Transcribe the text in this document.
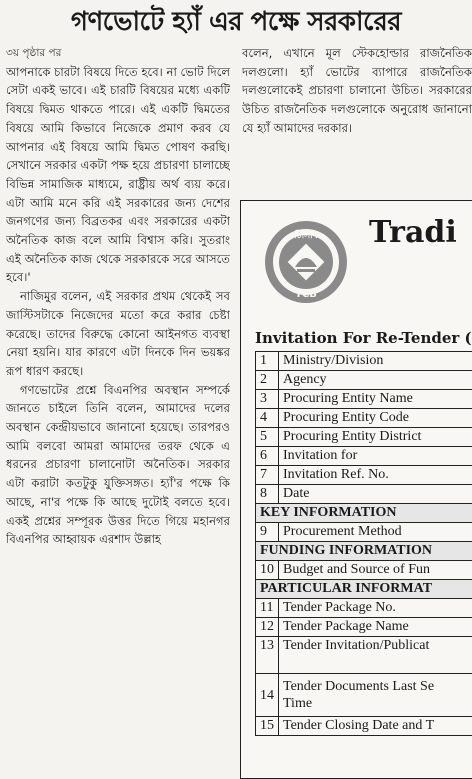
গণভোটে হ্যাঁ এর পক্ষে সরকারের

৩য় পৃষ্ঠার পর

আপনাকে চারটা বিষয়ে দিতে হবে। না ভোট দিলে সেটা একই ভাবে। এই চারটি বিষয়ের মধ্যে একটি বিষয়ে দ্বিমত থাকতে পারে। এই একটি দ্বিমতের বিষয়ে আমি কিভাবে নিজেকে প্রমাণ করব যে আপনার এই বিষয়ে আমি দ্বিমত পোষণ করছি। সেখানে সরকার একটা পক্ষ হয়ে প্রচারণা চালাচ্ছে বিভিন্ন সামাজিক মাধ্যমে, রাষ্ট্রীয় অর্থ ব্যয় করে। এটা আমি মনে করি এই সরকারের জন্য দেশের জনগণের জন্য বিব্রতকর এবং সরকারের একটা অনৈতিক কাজ বলে আমি বিশ্বাস করি। সুতরাং এই অনৈতিক কাজ থেকে সরকারকে সরে আসতে হবে।'

নাজিমুর বলেন, এই সরকার প্রথম থেকেই সব জাস্টিসটাকে নিজেদের মতো করে করার চেষ্টা করেছে। তাদের বিরুদ্ধে কোনো আইনগত ব্যবস্থা নেয়া হয়নি। যার কারণে এটা দিনকে দিন ভয়ঙ্কর রূপ ধারণ করছে।

গণভোটের প্রশ্নে বিএনপির অবস্থান সম্পর্কে জানতে চাইলে তিনি বলেন, আমাদের দলের অবস্থান কেন্দ্রীয়ভাবে জানানো হয়েছে। তারপরও আমি বলবো আমরা আমাদের তরফ থেকে এ ধরনের প্রচারণা চালানোটা অনৈতিক। সরকার এটা করাটা কতটুকু যুক্তিসঙ্গত। হ্যাঁ'র পক্ষে কি আছে, না'র পক্ষে কি আছে দুটোই বলতে হবে। একই প্রশ্নের সম্পূরক উত্তর দিতে গিয়ে মহানগর বিএনপির আহ্বায়ক এরশাদ উল্লাহ

বলেন, এখানে মূল স্টেকহোল্ডার রাজনৈতিক দলগুলো। হ্যাঁ ভোটের ব্যাপারে রাজনৈতিক দলগুলোকেই প্রচারণা চালানো উচিত। সরকারের উচিত রাজনৈতিক দলগুলোকে অনুরোধ জানানো যে হ্যাঁ আমাদের দরকার।

টিসিবি
TCB
Tradi
Invitation For Re-Tender (
1	Ministry/Division
2	Agency
3	Procuring Entity Name
4	Procuring Entity Code
5	Procuring Entity District
6	Invitation for
7	Invitation Ref. No.
8	Date
KEY INFORMATION	
9	Procurement Method
FUNDING INFORMATION	
10	Budget and Source of Fun
PARTICULAR INFORMAT	
11	Tender Package No.
12	Tender Package Name
13	Tender Invitation/Publicat
14	Tender Documents Last Se
Time

15	Tender Closing Date and T
